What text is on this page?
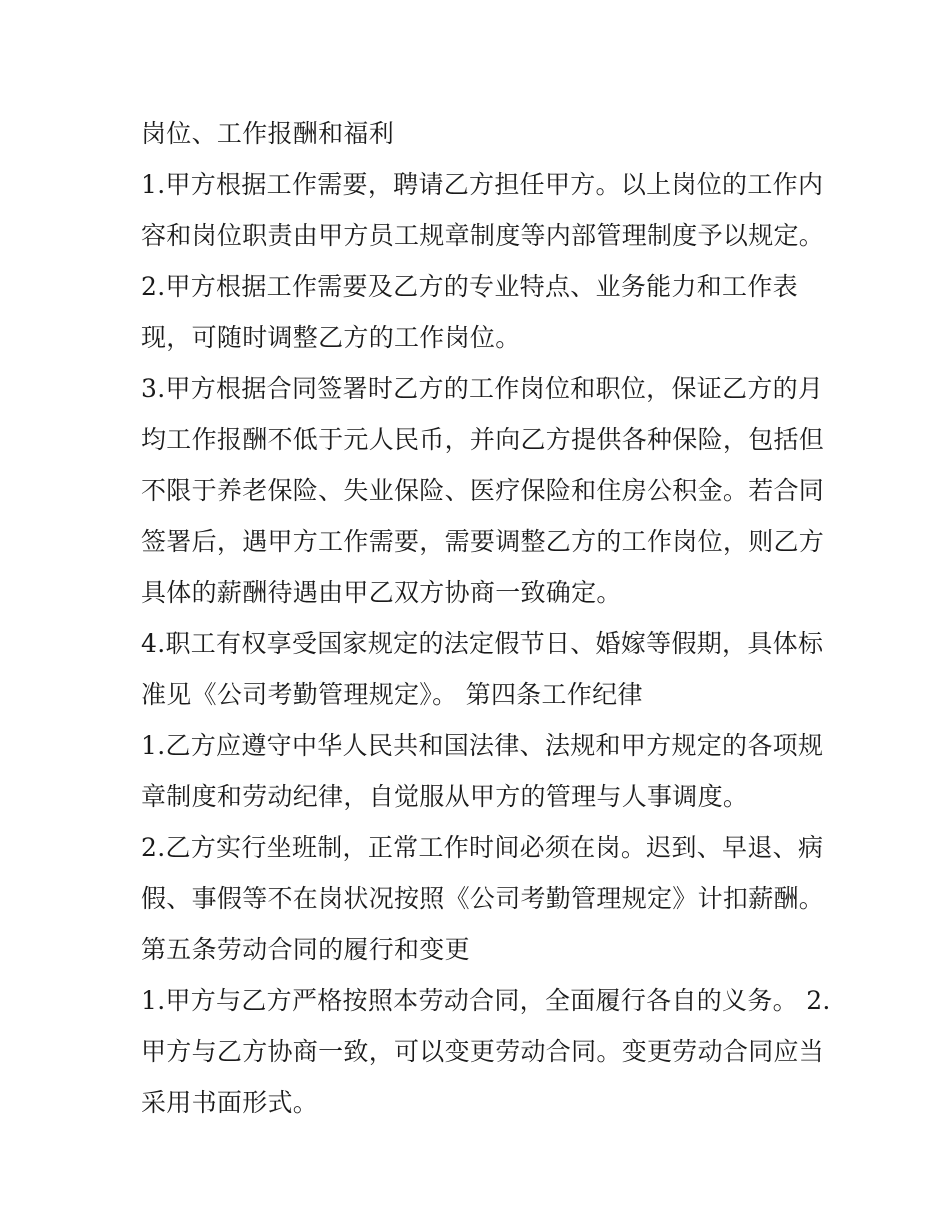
岗位、工作报酬和福利
1.甲方根据工作需要，聘请乙方担任甲方。以上岗位的工作内
容和岗位职责由甲方员工规章制度等内部管理制度予以规定。
2.甲方根据工作需要及乙方的专业特点、业务能力和工作表
现，可随时调整乙方的工作岗位。
3.甲方根据合同签署时乙方的工作岗位和职位，保证乙方的月
均工作报酬不低于元人民币，并向乙方提供各种保险，包括但
不限于养老保险、失业保险、医疗保险和住房公积金。若合同
签署后，遇甲方工作需要，需要调整乙方的工作岗位，则乙方
具体的薪酬待遇由甲乙双方协商一致确定。
4.职工有权享受国家规定的法定假节日、婚嫁等假期，具体标
准见《公司考勤管理规定》。 第四条工作纪律
1.乙方应遵守中华人民共和国法律、法规和甲方规定的各项规
章制度和劳动纪律，自觉服从甲方的管理与人事调度。
2.乙方实行坐班制，正常工作时间必须在岗。迟到、早退、病
假、事假等不在岗状况按照《公司考勤管理规定》计扣薪酬。
第五条劳动合同的履行和变更
1.甲方与乙方严格按照本劳动合同，全面履行各自的义务。 2.
甲方与乙方协商一致，可以变更劳动合同。变更劳动合同应当
采用书面形式。
